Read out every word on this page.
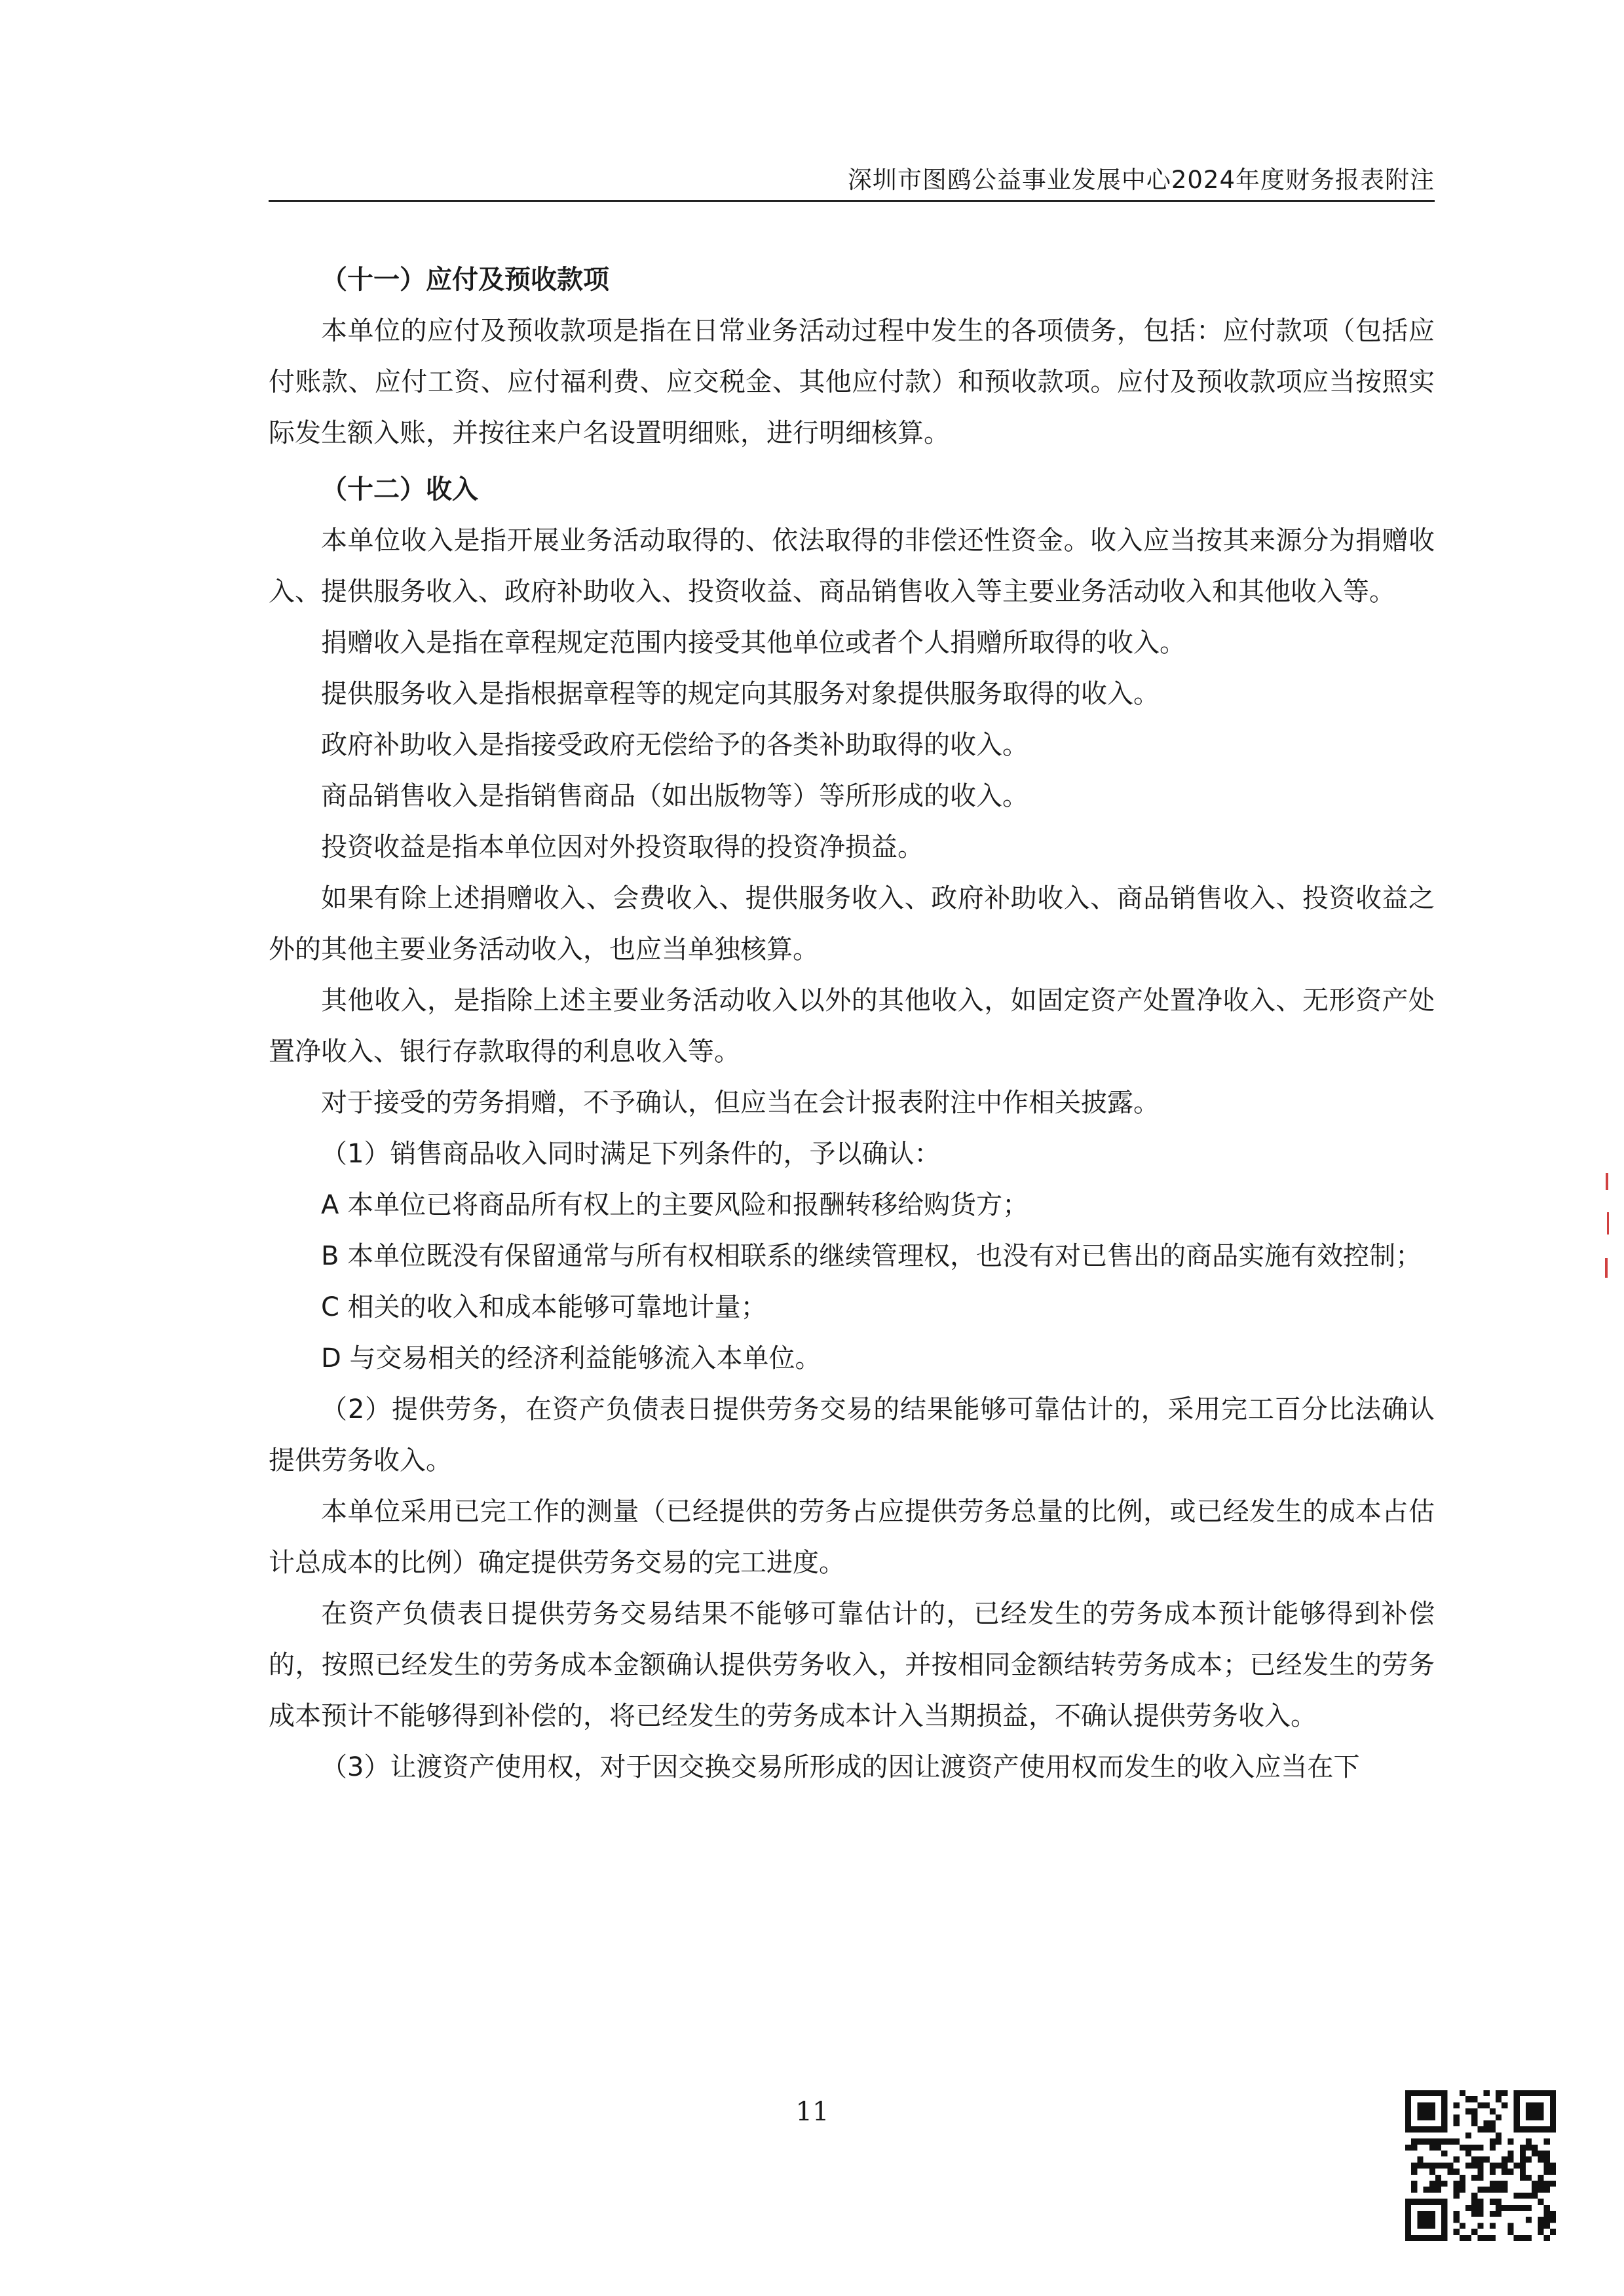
深圳市图鸥公益事业发展中心2024年度财务报表附注

（十一）应付及预收款项

本单位的应付及预收款项是指在日常业务活动过程中发生的各项债务，包括：应付款项（包括应付账款、应付工资、应付福利费、应交税金、其他应付款）和预收款项。应付及预收款项应当按照实际发生额入账，并按往来户名设置明细账，进行明细核算。

（十二）收入

本单位收入是指开展业务活动取得的、依法取得的非偿还性资金。收入应当按其来源分为捐赠收入、提供服务收入、政府补助收入、投资收益、商品销售收入等主要业务活动收入和其他收入等。

捐赠收入是指在章程规定范围内接受其他单位或者个人捐赠所取得的收入。

提供服务收入是指根据章程等的规定向其服务对象提供服务取得的收入。

政府补助收入是指接受政府无偿给予的各类补助取得的收入。

商品销售收入是指销售商品（如出版物等）等所形成的收入。

投资收益是指本单位因对外投资取得的投资净损益。

如果有除上述捐赠收入、会费收入、提供服务收入、政府补助收入、商品销售收入、投资收益之外的其他主要业务活动收入，也应当单独核算。

其他收入，是指除上述主要业务活动收入以外的其他收入，如固定资产处置净收入、无形资产处置净收入、银行存款取得的利息收入等。

对于接受的劳务捐赠，不予确认，但应当在会计报表附注中作相关披露。

（1）销售商品收入同时满足下列条件的，予以确认：

A 本单位已将商品所有权上的主要风险和报酬转移给购货方；

B 本单位既没有保留通常与所有权相联系的继续管理权，也没有对已售出的商品实施有效控制；

C 相关的收入和成本能够可靠地计量；

D 与交易相关的经济利益能够流入本单位。

（2）提供劳务，在资产负债表日提供劳务交易的结果能够可靠估计的，采用完工百分比法确认提供劳务收入。

本单位采用已完工作的测量（已经提供的劳务占应提供劳务总量的比例，或已经发生的成本占估计总成本的比例）确定提供劳务交易的完工进度。

在资产负债表日提供劳务交易结果不能够可靠估计的，已经发生的劳务成本预计能够得到补偿的，按照已经发生的劳务成本金额确认提供劳务收入，并按相同金额结转劳务成本；已经发生的劳务成本预计不能够得到补偿的，将已经发生的劳务成本计入当期损益，不确认提供劳务收入。

（3）让渡资产使用权，对于因交换交易所形成的因让渡资产使用权而发生的收入应当在下

11
